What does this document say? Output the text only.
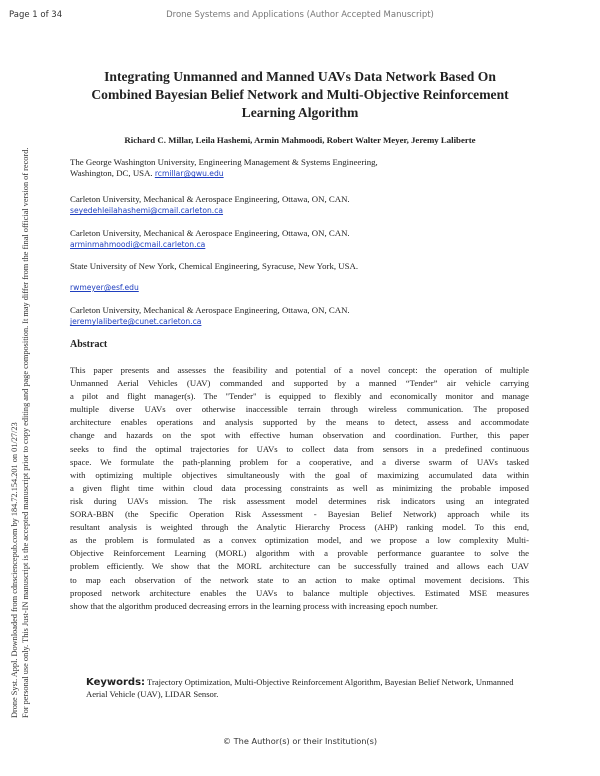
Page 1 of 34	Drone Systems and Applications (Author Accepted Manuscript)
Drone Syst. Appl. Downloaded from cdnsciencepub.com by 184.72.154.201 on 01/27/23 For personal use only. This Just-IN manuscript is the accepted manuscript prior to copy editing and page composition. It may differ from the final official version of record.
Integrating Unmanned and Manned UAVs Data Network Based On Combined Bayesian Belief Network and Multi-Objective Reinforcement Learning Algorithm
Richard C. Millar, Leila Hashemi, Armin Mahmoodi, Robert Walter Meyer, Jeremy Laliberte
The George Washington University, Engineering Management & Systems Engineering,
Washington, DC, USA. rcmillar@gwu.edu
Carleton University, Mechanical & Aerospace Engineering, Ottawa, ON, CAN.
seyedehleilahashemi@cmail.carleton.ca
Carleton University, Mechanical & Aerospace Engineering, Ottawa, ON, CAN.
arminmahmoodi@cmail.carleton.ca
State University of New York, Chemical Engineering, Syracuse, New York, USA.
rwmeyer@esf.edu
Carleton University, Mechanical & Aerospace Engineering, Ottawa, ON, CAN.
jeremylaliberte@cunet.carleton.ca
Abstract
This paper presents and assesses the feasibility and potential of a novel concept: the operation of multiple
Unmanned Aerial Vehicles (UAV) commanded and supported by a manned “Tender” air vehicle carrying
a pilot and flight manager(s). The "Tender" is equipped to flexibly and economically monitor and manage
multiple diverse UAVs over otherwise inaccessible terrain through wireless communication. The proposed
architecture enables operations and analysis supported by the means to detect, assess and accommodate
change and hazards on the spot with effective human observation and coordination. Further, this paper
seeks to find the optimal trajectories for UAVs to collect data from sensors in a predefined continuous
space. We formulate the path-planning problem for a cooperative, and a diverse swarm of UAVs tasked
with optimizing multiple objectives simultaneously with the goal of maximizing accumulated data within
a given flight time within cloud data processing constraints as well as minimizing the probable imposed
risk during UAVs mission. The risk assessment model determines risk indicators using an integrated
SORA-BBN (the Specific Operation Risk Assessment - Bayesian Belief Network) approach while its
resultant analysis is weighted through the Analytic Hierarchy Process (AHP) ranking model. To this end,
as the problem is formulated as a convex optimization model, and we propose a low complexity Multi-
Objective Reinforcement Learning (MORL) algorithm with a provable performance guarantee to solve the
problem efficiently. We show that the MORL architecture can be successfully trained and allows each UAV
to map each observation of the network state to an action to make optimal movement decisions. This
proposed network architecture enables the UAVs to balance multiple objectives. Estimated MSE measures
show that the algorithm produced decreasing errors in the learning process with increasing epoch number.
Keywords: Trajectory Optimization, Multi-Objective Reinforcement Algorithm, Bayesian Belief Network, Unmanned Aerial Vehicle (UAV), LIDAR Sensor.
© The Author(s) or their Institution(s)
